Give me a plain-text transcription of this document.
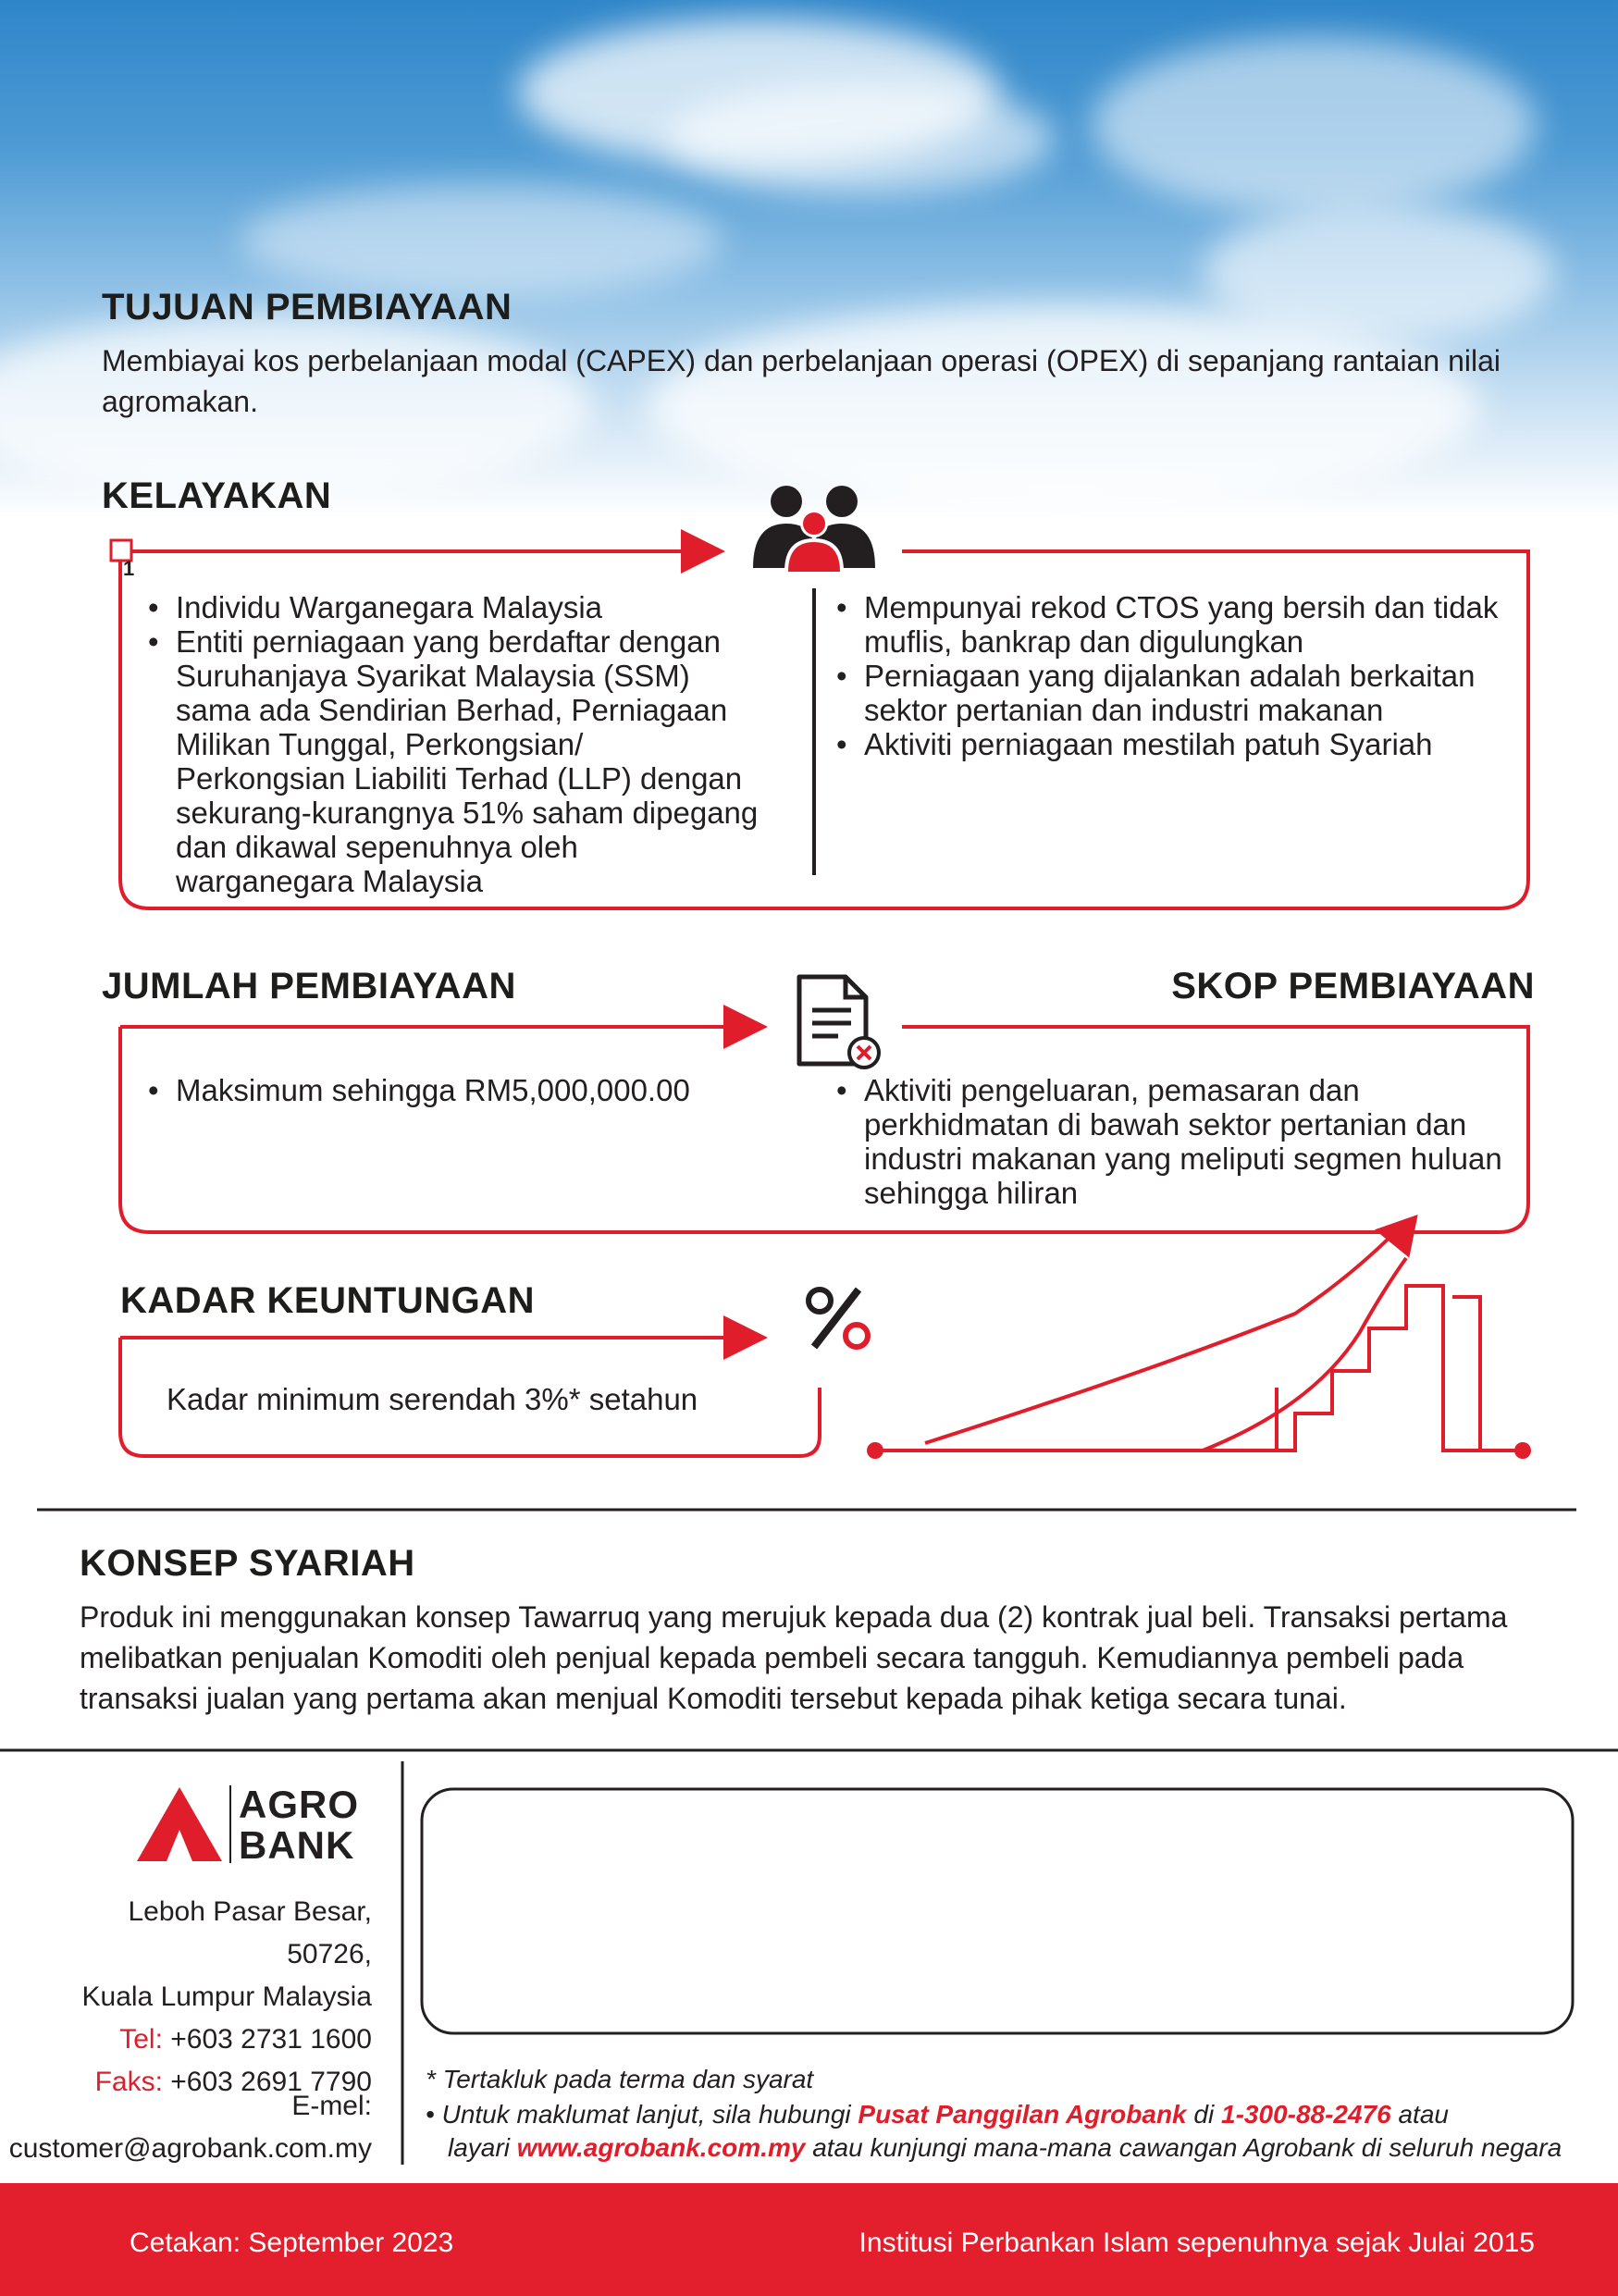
TUJUAN PEMBIAYAAN
Membiayai kos perbelanjaan modal (CAPEX) dan perbelanjaan operasi (OPEX) di sepanjang rantaian nilai agromakan.
KELAYAKAN
1
• Individu Warganegara Malaysia
• Entiti perniagaan yang berdaftar dengan Suruhanjaya Syarikat Malaysia (SSM) sama ada Sendirian Berhad, Perniagaan Milikan Tunggal, Perkongsian/ Perkongsian Liabiliti Terhad (LLP) dengan sekurang-kurangnya 51% saham dipegang dan dikawal sepenuhnya oleh warganegara Malaysia
• Mempunyai rekod CTOS yang bersih dan tidak muflis, bankrap dan digulungkan
• Perniagaan yang dijalankan adalah berkaitan sektor pertanian dan industri makanan
• Aktiviti perniagaan mestilah patuh Syariah
JUMLAH PEMBIAYAAN	SKOP PEMBIAYAAN
• Maksimum sehingga RM5,000,000.00
•	Aktiviti pengeluaran, pemasaran dan perkhidmatan di bawah sektor pertanian dan industri makanan yang meliputi segmen huluan sehingga hiliran
KADAR KEUNTUNGAN
Kadar minimum serendah 3%* setahun
KONSEP SYARIAH
Produk ini menggunakan konsep Tawarruq yang merujuk kepada dua (2) kontrak jual beli. Transaksi pertama melibatkan penjualan Komoditi oleh penjual kepada pembeli secara tangguh. Kemudiannya pembeli pada transaksi jualan yang pertama akan menjual Komoditi tersebut kepada pihak ketiga secara tunai.
AGRO
BANK
Leboh Pasar Besar, 50726,
Kuala Lumpur Malaysia
Tel: +603 2731 1600
Faks: +603 2691 7790
E-mel:
customer@agrobank.com.my
* Tertakluk pada terma dan syarat
• Untuk maklumat lanjut, sila hubungi Pusat Panggilan Agrobank di 1-300-88-2476 atau
layari www.agrobank.com.my atau kunjungi mana-mana cawangan Agrobank di seluruh negara
Cetakan: September 2023	Institusi Perbankan Islam sepenuhnya sejak Julai 2015
